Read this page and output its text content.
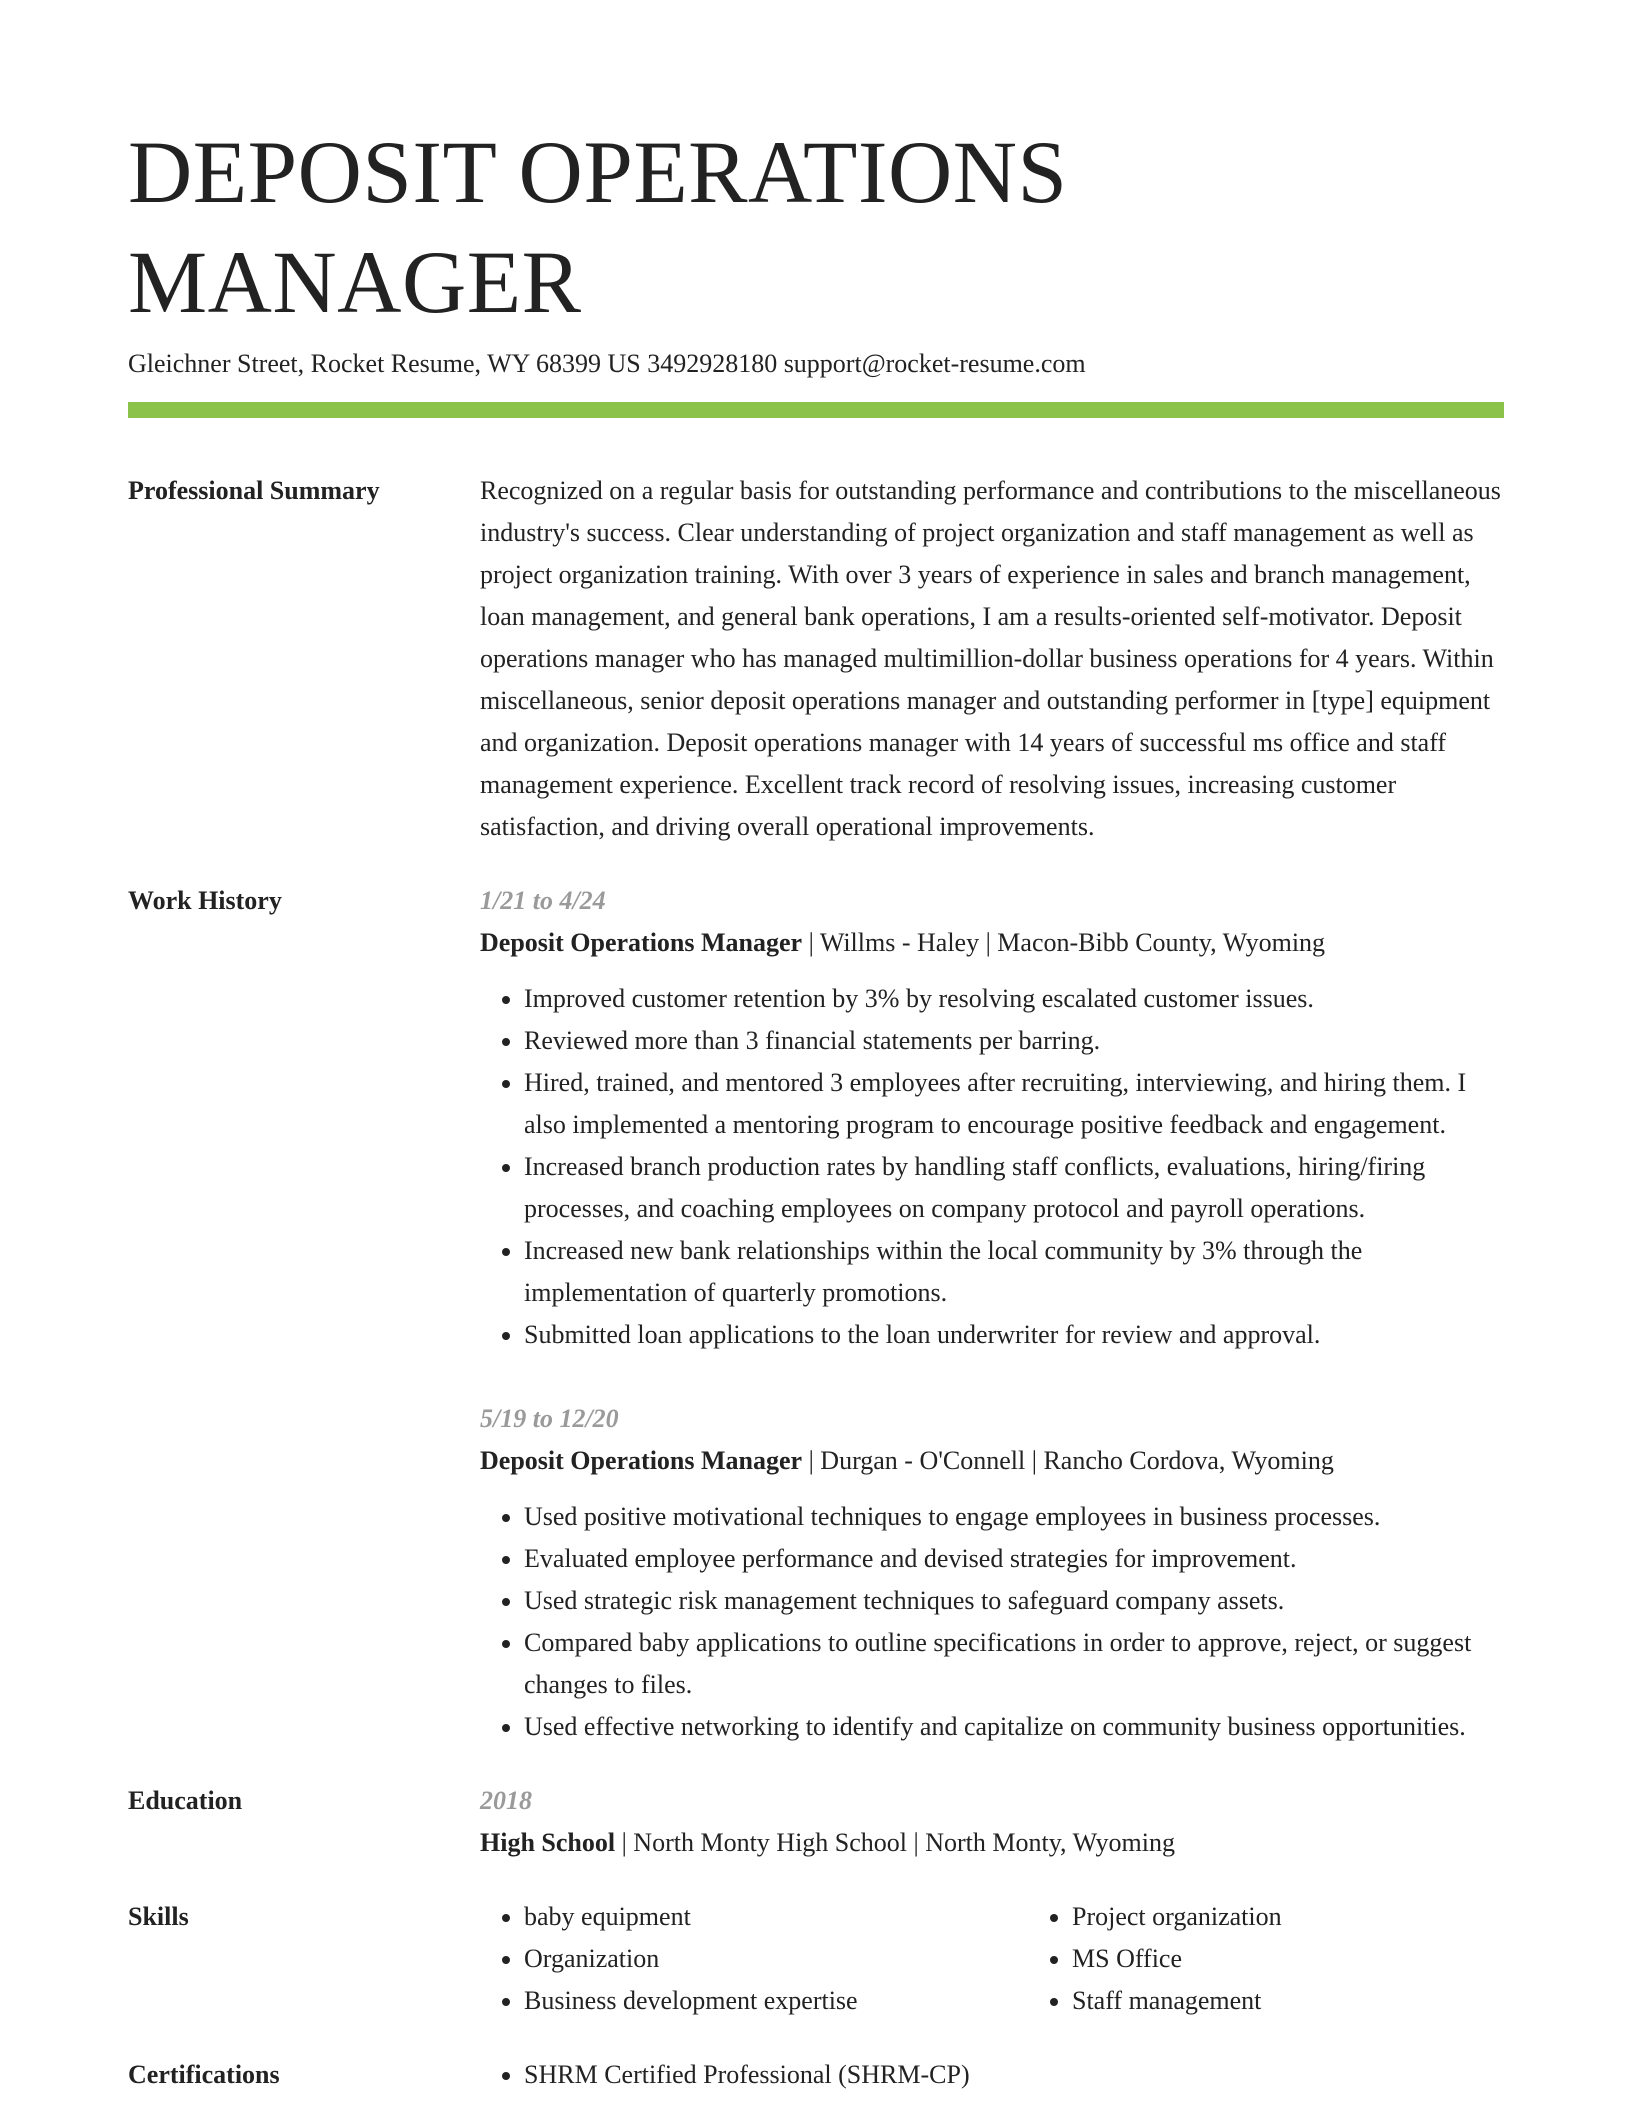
DEPOSIT OPERATIONS MANAGER
Gleichner Street, Rocket Resume, WY 68399 US 3492928180 support@rocket-resume.com
Professional Summary	Recognized on a regular basis for outstanding performance and contributions to the miscellaneous industry's success. Clear understanding of project organization and staff management as well as project organization training. With over 3 years of experience in sales and branch management, loan management, and general bank operations, I am a results-oriented self-motivator. Deposit operations manager who has managed multimillion-dollar business operations for 4 years. Within miscellaneous, senior deposit operations manager and outstanding performer in [type] equipment and organization. Deposit operations manager with 14 years of successful ms office and staff management experience. Excellent track record of resolving issues, increasing customer satisfaction, and driving overall operational improvements.

Work History	1/21 to 4/24
Deposit Operations Manager | Willms - Haley | Macon-Bibb County, Wyoming
• Improved customer retention by 3% by resolving escalated customer issues.
• Reviewed more than 3 financial statements per barring.
• Hired, trained, and mentored 3 employees after recruiting, interviewing, and hiring them. I also implemented a mentoring program to encourage positive feedback and engagement.
• Increased branch production rates by handling staff conflicts, evaluations, hiring/firing processes, and coaching employees on company protocol and payroll operations.
• Increased new bank relationships within the local community by 3% through the implementation of quarterly promotions.
• Submitted loan applications to the loan underwriter for review and approval.
5/19 to 12/20
Deposit Operations Manager | Durgan - O'Connell | Rancho Cordova, Wyoming
• Used positive motivational techniques to engage employees in business processes.
• Evaluated employee performance and devised strategies for improvement.
• Used strategic risk management techniques to safeguard company assets.
• Compared baby applications to outline specifications in order to approve, reject, or suggest changes to files.
• Used effective networking to identify and capitalize on community business opportunities.
Education	2018
High School | North Monty High School | North Monty, Wyoming
Skills	• baby equipment
• Organization
• Business development expertise
• Project organization
• MS Office
• Staff management
Certifications	• SHRM Certified Professional (SHRM-CP)
